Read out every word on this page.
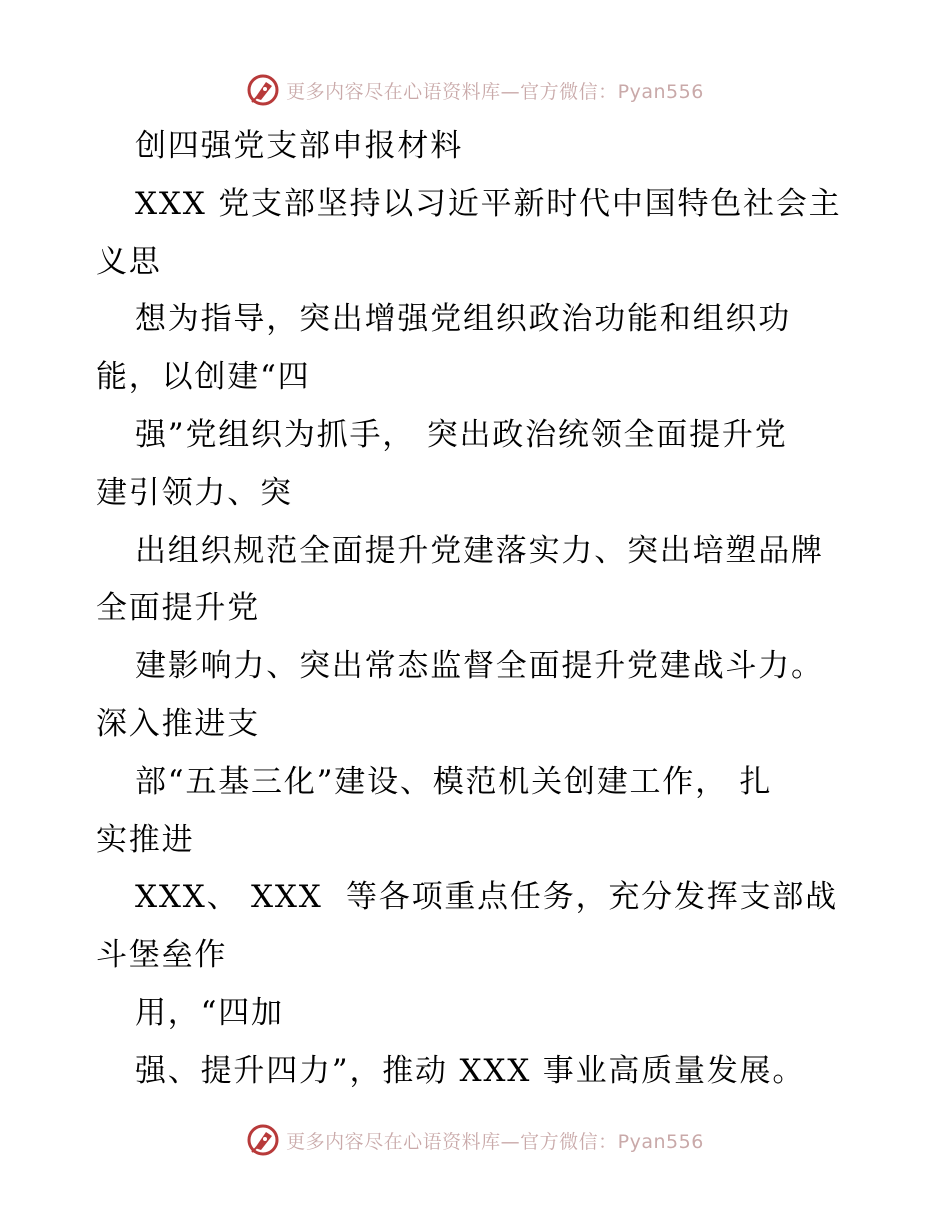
更多内容尽在心语资料库—官方微信：Pyan556
创四强党支部申报材料
XXX 党支部坚持以习近平新时代中国特色社会主
义思
想为指导，突出增强党组织政治功能和组织功
能，以创建“四
强”党组织为抓手， 突出政治统领全面提升党
建引领力、突
出组织规范全面提升党建落实力、突出培塑品牌
全面提升党
建影响力、突出常态监督全面提升党建战斗力。
深入推进支
部“五基三化”建设、模范机关创建工作， 扎
实推进
XXX、 XXX  等各项重点任务，充分发挥支部战
斗堡垒作
用，“四加
强、提升四力”，推动 XXX 事业高质量发展。
更多内容尽在心语资料库—官方微信：Pyan556
